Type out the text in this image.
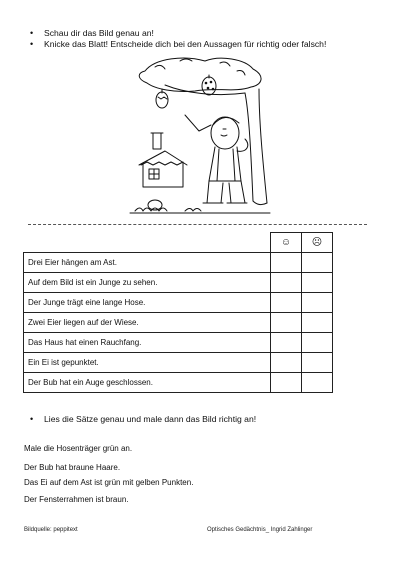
• Schau dir das Bild genau an!
• Knicke das Blatt! Entscheide dich bei den Aussagen für richtig oder falsch!
	☺	☹
Drei Eier hängen am Ast.		
Auf dem Bild ist ein Junge zu sehen.		
Der Junge trägt eine lange Hose.		
Zwei Eier liegen auf der Wiese.		
Das Haus hat einen Rauchfang.		
Ein Ei ist gepunktet.		
Der Bub hat ein Auge geschlossen.		
• Lies die Sätze genau und male dann das Bild richtig an!
Male die Hosenträger grün an.
Der Bub hat braune Haare.
Das Ei auf dem Ast ist grün mit gelben Punkten.
Der Fensterrahmen ist braun.
Bildquelle: peppitext	Optisches Gedächtnis_ Ingrid Zahlinger
